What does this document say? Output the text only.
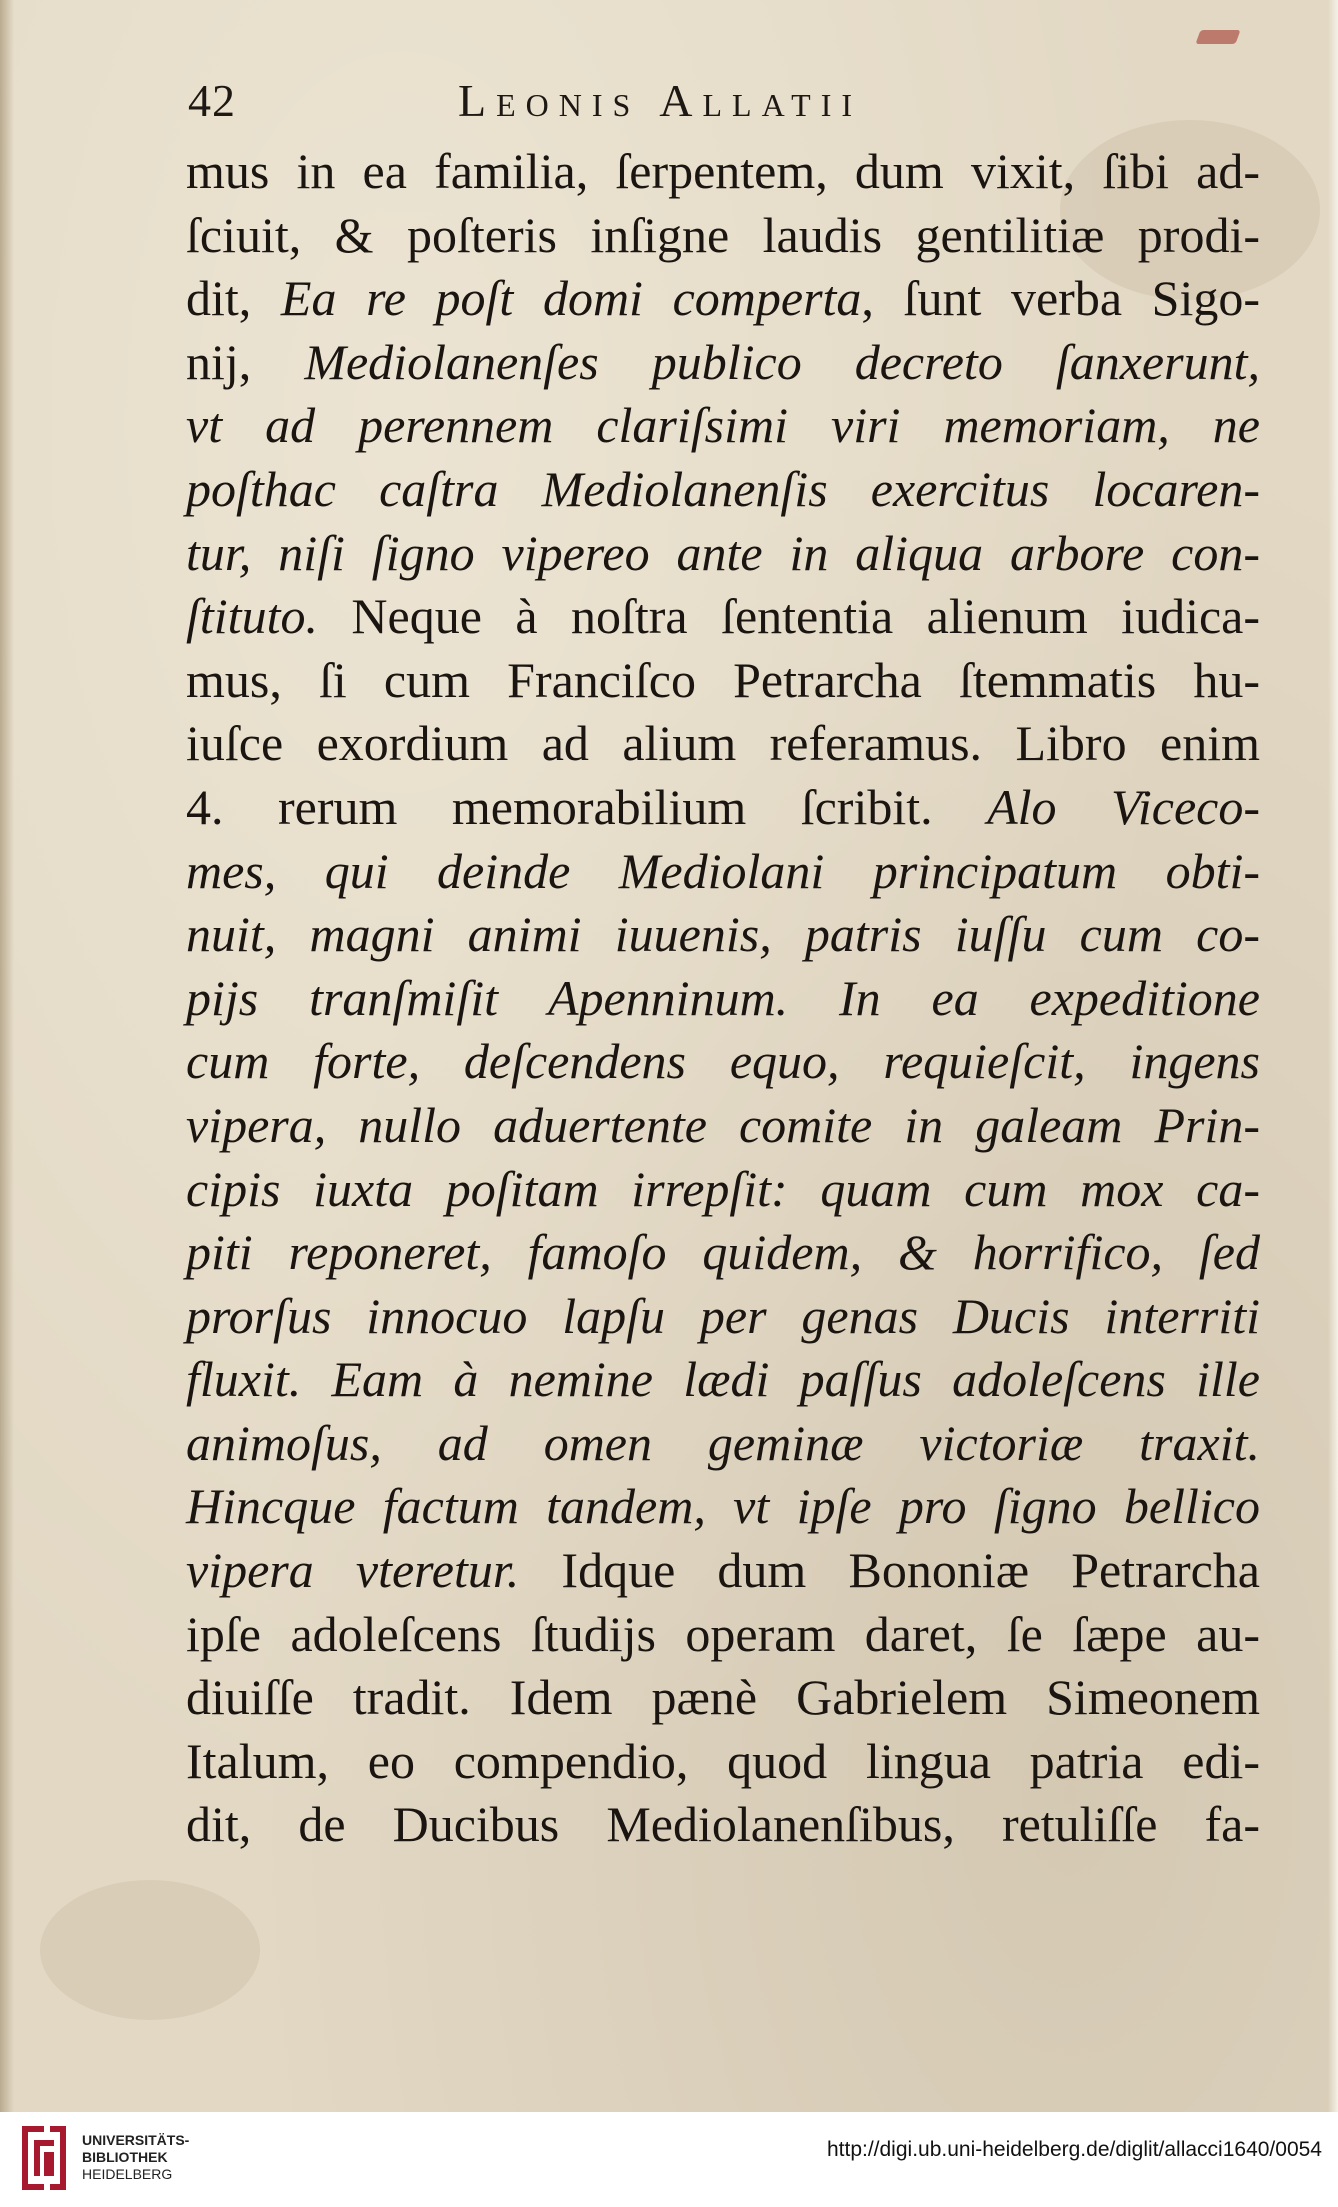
42	Leonis Allatii
mus in ea familia, ſerpentem, dum vixit, ſibi ad-
ſciuit, & poſteris inſigne laudis gentilitiæ prodi-
dit, Ea re poſt domi comperta, ſunt verba Sigo-
nij, Mediolanenſes publico decreto ſanxerunt,
vt ad perennem clariſsimi viri memoriam, ne
poſthac caſtra Mediolanenſis exercitus locaren-
tur, niſi ſigno vipereo ante in aliqua arbore con-
ſtituto. Neque à noſtra ſententia alienum iudica-
mus, ſi cum Franciſco Petrarcha ſtemmatis hu-
iuſce exordium ad alium referamus. Libro enim
4. rerum memorabilium ſcribit. Alo Viceco-
mes, qui deinde Mediolani principatum obti-
nuit, magni animi iuuenis, patris iuſſu cum co-
pijs tranſmiſit Apenninum. In ea expeditione
cum forte, deſcendens equo, requieſcit, ingens
vipera, nullo aduertente comite in galeam Prin-
cipis iuxta poſitam irrepſit: quam cum mox ca-
piti reponeret, famoſo quidem, & horrifico, ſed
prorſus innocuo lapſu per genas Ducis interriti
fluxit. Eam à nemine lædi paſſus adoleſcens ille
animoſus, ad omen geminæ victoriæ traxit.
Hincque factum tandem, vt ipſe pro ſigno bellico
vipera vteretur. Idque dum Bononiæ Petrarcha
ipſe adoleſcens ſtudijs operam daret, ſe ſæpe au-
diuiſſe tradit. Idem pænè Gabrielem Simeonem
Italum, eo compendio, quod lingua patria edi-
dit, de Ducibus Mediolanenſibus, retuliſſe fa-
UNIVERSITÄTS-
BIBLIOTHEK
HEIDELBERG
http://digi.ub.uni-heidelberg.de/diglit/allacci1640/0054
